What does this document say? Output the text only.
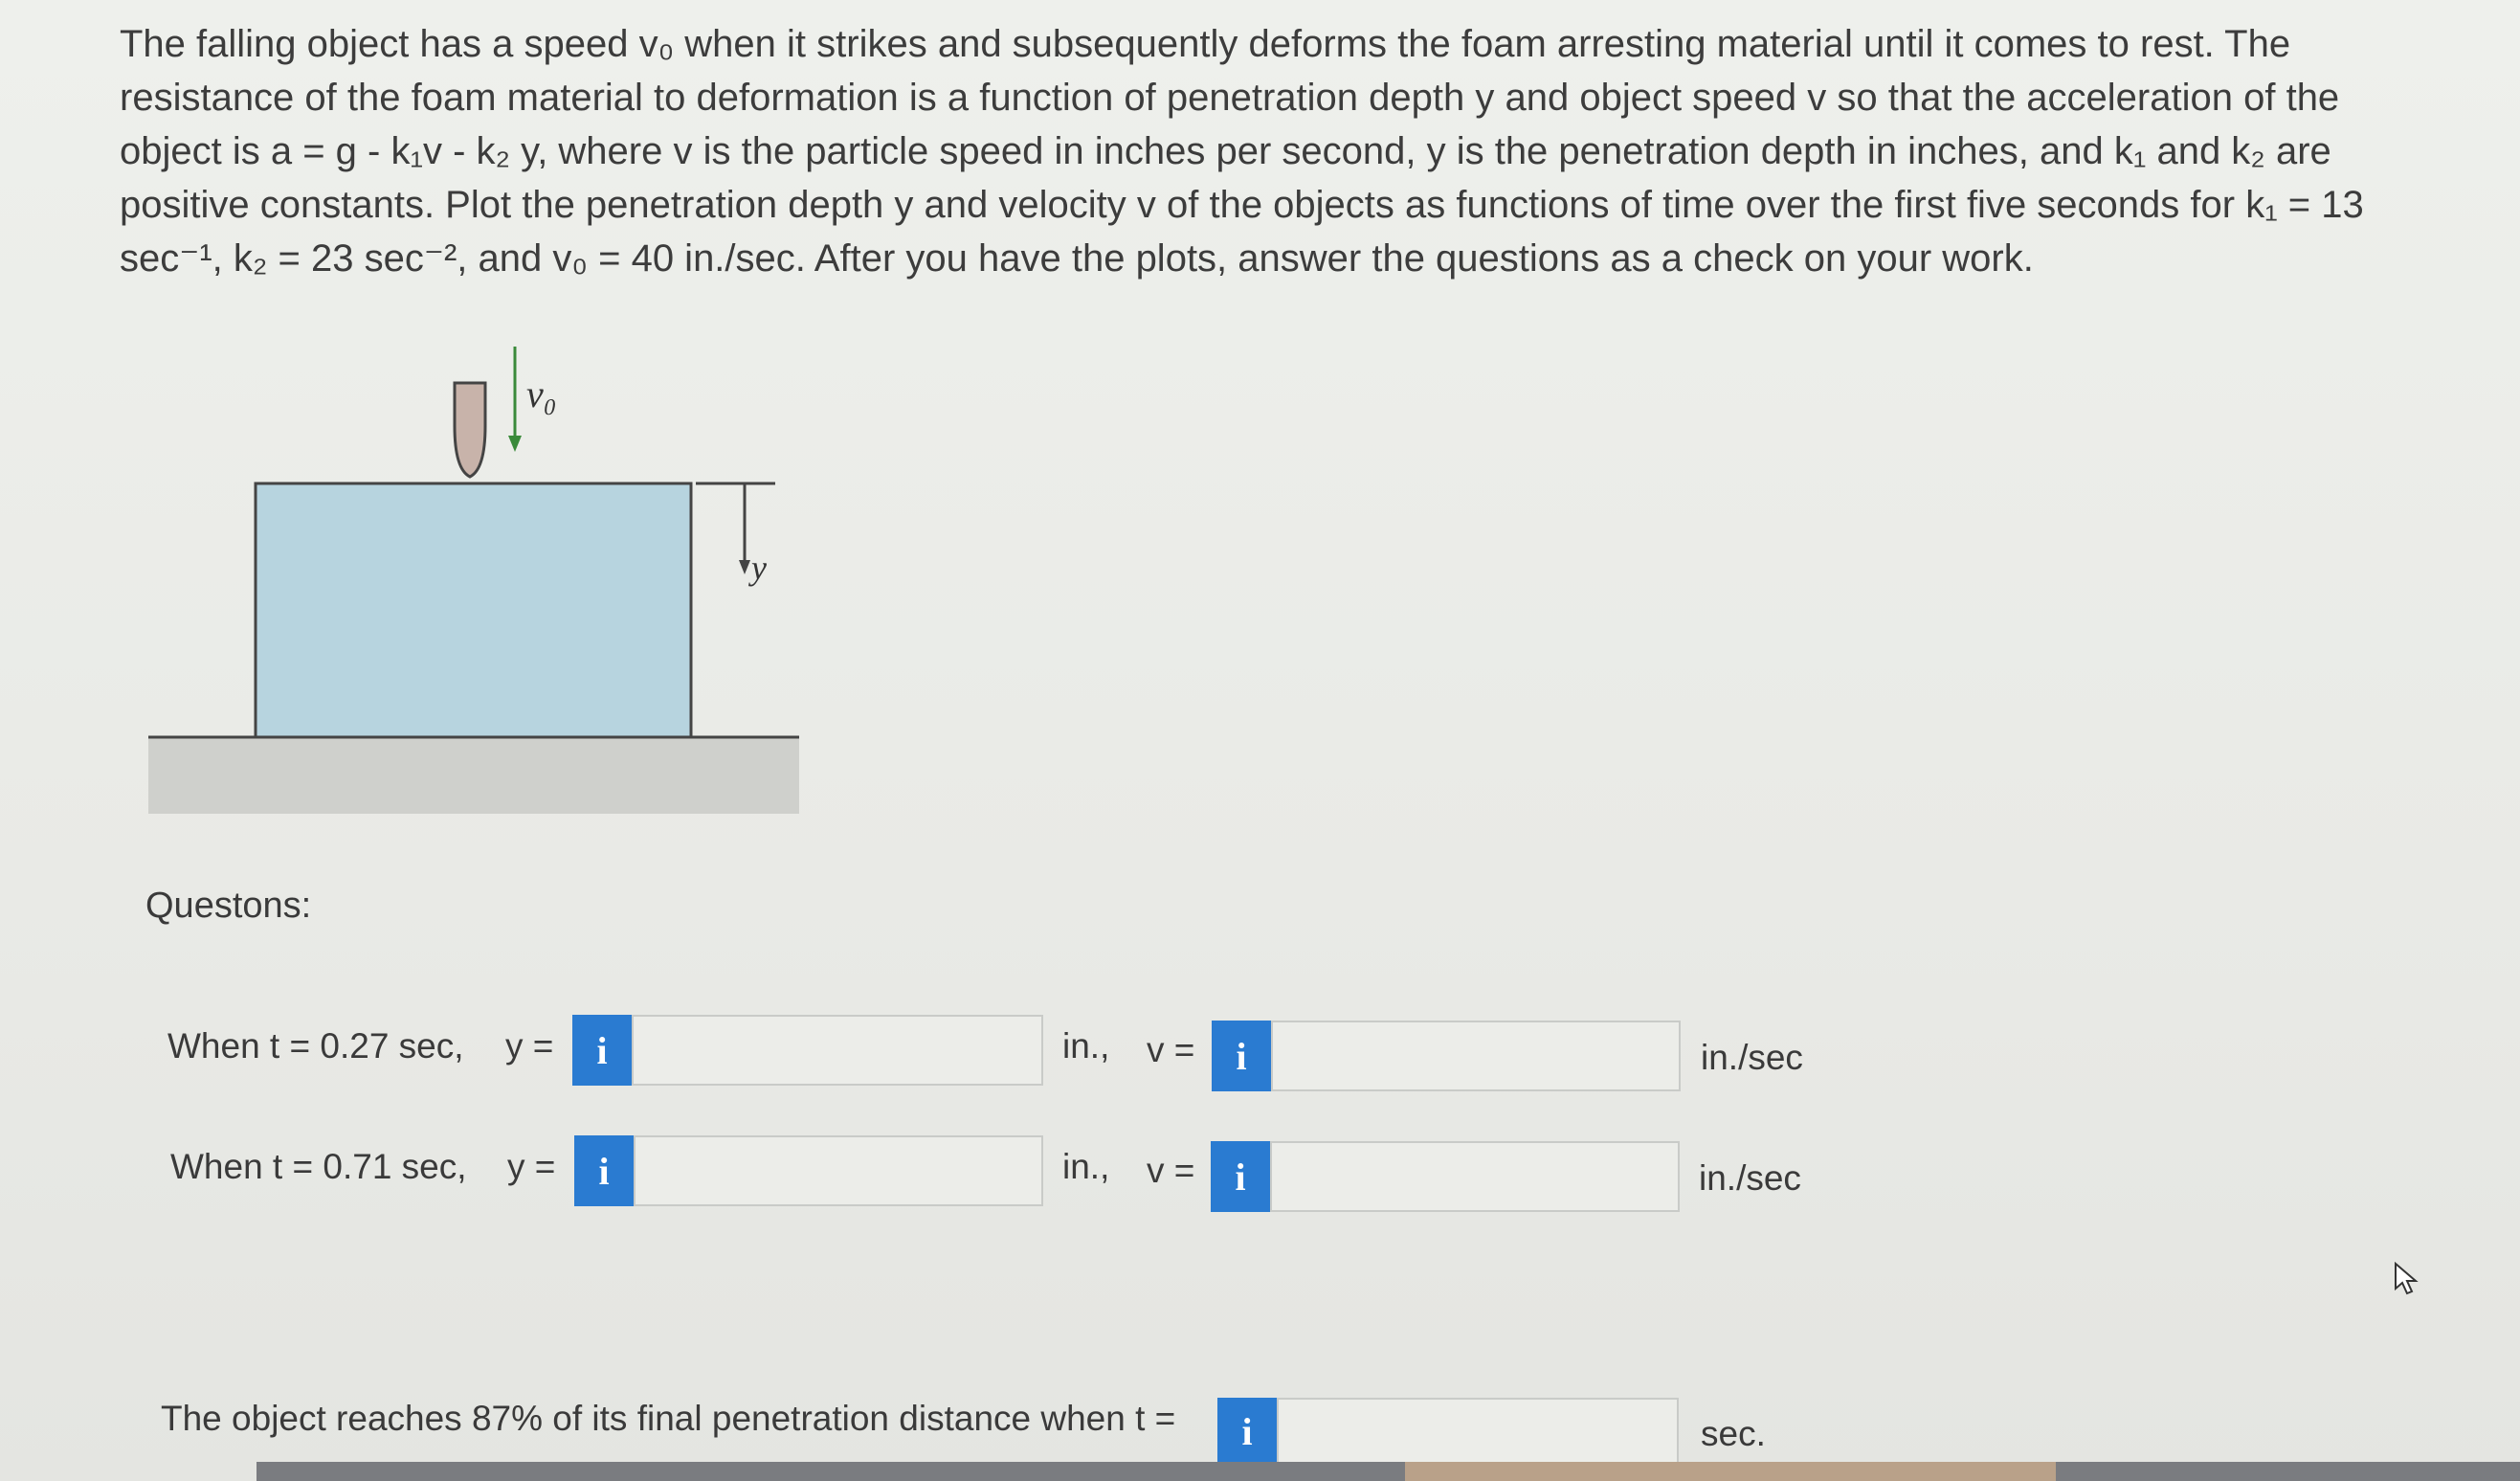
The falling object has a speed v₀ when it strikes and subsequently deforms the foam arresting material until it comes to rest. The
resistance of the foam material to deformation is a function of penetration depth y and object speed v so that the acceleration of the
object is a = g - k₁v - k₂ y, where v is the particle speed in inches per second, y is the penetration depth in inches, and k₁ and k₂ are
positive constants. Plot the penetration depth y and velocity v of the objects as functions of time over the first five seconds for k₁ = 13
sec⁻¹, k₂ = 23 sec⁻², and v₀ = 40 in./sec. After you have the plots, answer the questions as a check on your work.
v₀
y
Questons:
When t = 0.27 sec, y =	i	in., v =	i	in./sec
When t = 0.71 sec, y =	i	in., v =	i	in./sec
The object reaches 87% of its final penetration distance when t =	i	sec.
